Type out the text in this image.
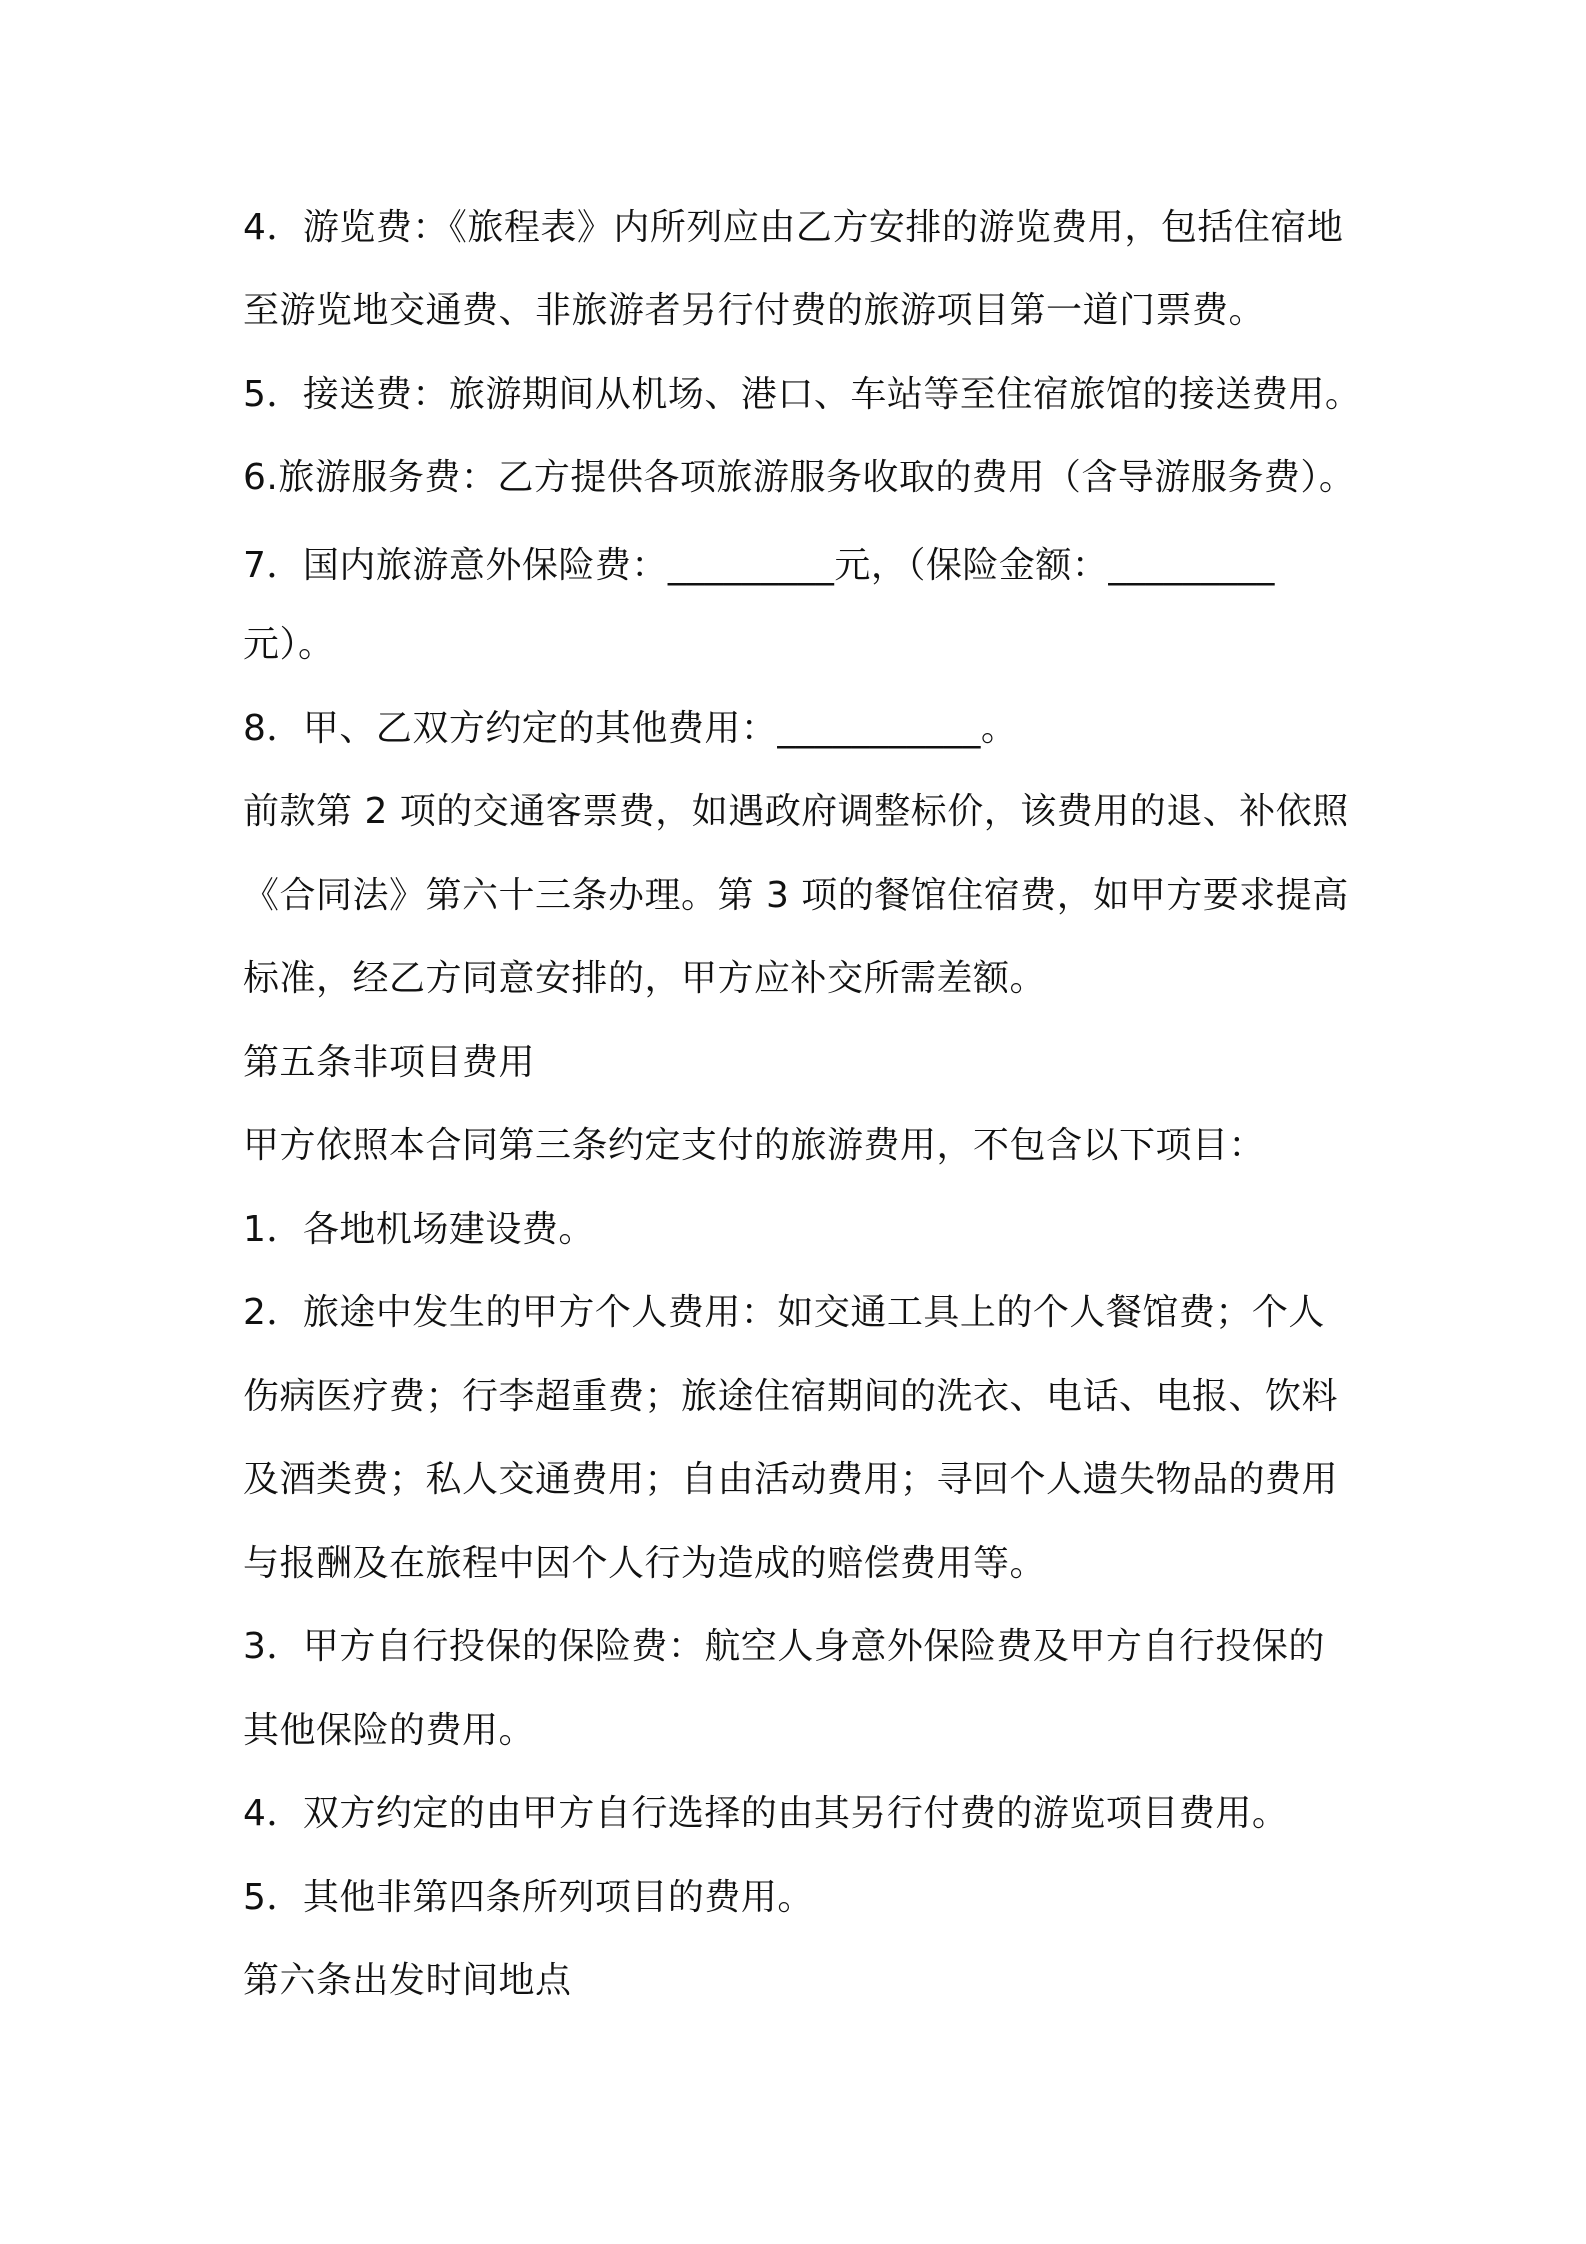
4．游览费：《旅程表》内所列应由乙方安排的游览费用，包括住宿地
至游览地交通费、非旅游者另行付费的旅游项目第一道门票费。
5．接送费：旅游期间从机场、港口、车站等至住宿旅馆的接送费用。
6.旅游服务费：乙方提供各项旅游服务收取的费用（含导游服务费）。
7．国内旅游意外保险费：_________元，（保险金额：_________
元）。
8．甲、乙双方约定的其他费用：___________。
前款第 2 项的交通客票费，如遇政府调整标价，该费用的退、补依照
《合同法》第六十三条办理。第 3 项的餐馆住宿费，如甲方要求提高
标准，经乙方同意安排的，甲方应补交所需差额。
第五条非项目费用
甲方依照本合同第三条约定支付的旅游费用，不包含以下项目：
1．各地机场建设费。
2．旅途中发生的甲方个人费用：如交通工具上的个人餐馆费；个人
伤病医疗费；行李超重费；旅途住宿期间的洗衣、电话、电报、饮料
及酒类费；私人交通费用；自由活动费用；寻回个人遗失物品的费用
与报酬及在旅程中因个人行为造成的赔偿费用等。
3．甲方自行投保的保险费：航空人身意外保险费及甲方自行投保的
其他保险的费用。
4．双方约定的由甲方自行选择的由其另行付费的游览项目费用。
5．其他非第四条所列项目的费用。
第六条出发时间地点
